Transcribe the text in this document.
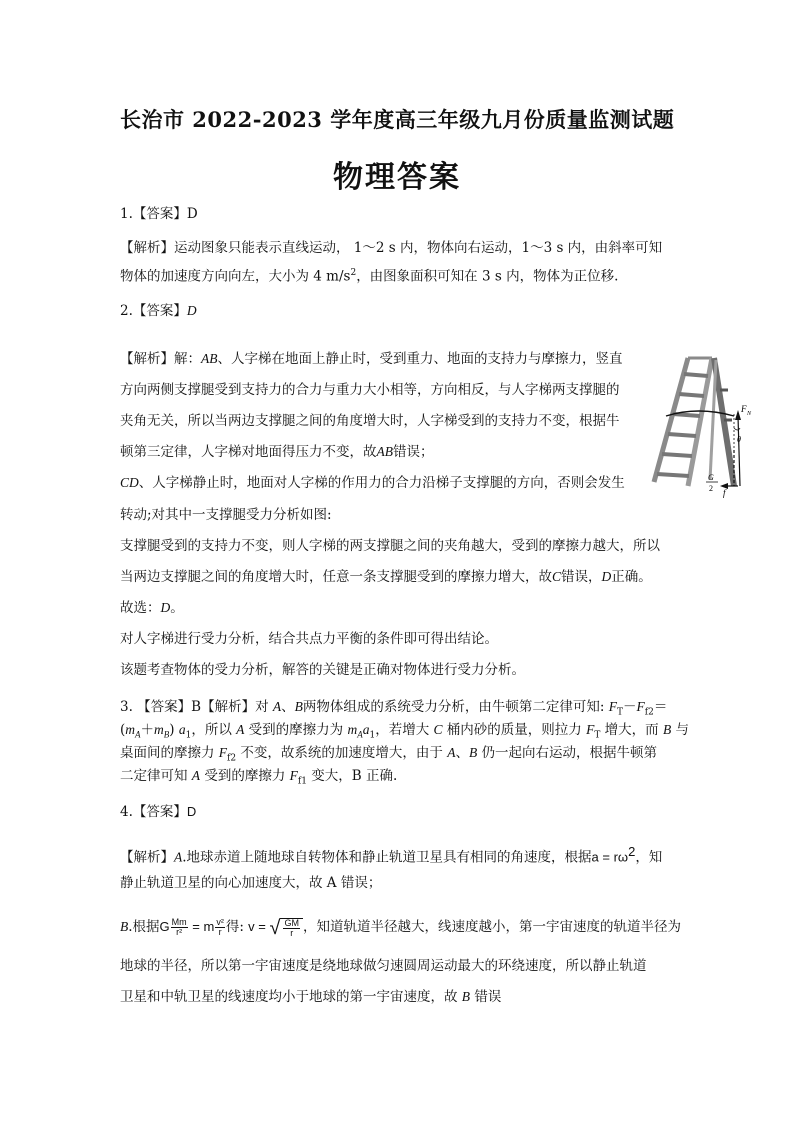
长治市 2022-2023 学年度高三年级九月份质量监测试题
物理答案
1.【答案】D
【解析】运动图象只能表示直线运动， 1～2 s 内，物体向右运动，1～3 s 内，由斜率可知
物体的加速度方向向左，大小为 4 $m/s^2$，由图象面积可知在 3 s 内，物体为正位移.
2.【答案】D
【解析】解：AB、人字梯在地面上静止时，受到重力、地面的支持力与摩擦力，竖直
方向两侧支撑腿受到支持力的合力与重力大小相等，方向相反，与人字梯两支撑腿的
夹角无关，所以当两边支撑腿之间的角度增大时，人字梯受到的支持力不变，根据牛
顿第三定律，人字梯对地面得压力不变，故AB错误；
CD、人字梯静止时，地面对人字梯的作用力的合力沿梯子支撑腿的方向，否则会发生
转动;对其中一支撑腿受力分析如图:
支撑腿受到的支持力不变，则人字梯的两支撑腿之间的夹角越大，受到的摩擦力越大，所以
当两边支撑腿之间的角度增大时，任意一条支撑腿受到的摩擦力增大，故C错误，D正确。
故选：D。
对人字梯进行受力分析，结合共点力平衡的条件即可得出结论。
该题考查物体的受力分析，解答的关键是正确对物体进行受力分析。
F N
θ
G
2 f
3. 【答案】B【解析】对 A、B两物体组成的系统受力分析，由牛顿第二定律可知: $F_T-F_{f2}=$
$(m_A+m_B)$ $a_1$，所以 A 受到的摩擦力为 $m_Aa_1$，若增大 C 桶内砂的质量，则拉力 $F_T$ 增大，而 B 与
桌面间的摩擦力 $F_{f2}$ 不变，故系统的加速度增大，由于 A、B 仍一起向右运动，根据牛顿第
二定律可知 A 受到的摩擦力 $F_{f1}$ 变大，B 正确.
4.【答案】D
【解析】A.地球赤道上随地球自转物体和静止轨道卫星具有相同的角速度，根据$a = r\omega^2$，知
静止轨道卫星的向心加速度大，故 A 错误；
B.根据G $\frac{Mm}{\text{r²}} = m \frac{\text{v²}}{r}$ 得: v = √ $\frac{GM}{r}$ ，知道轨道半径越大，线速度越小，第一宇宙速度的轨道半径为
地球的半径，所以第一宇宙速度是绕地球做匀速圆周运动最大的环绕速度，所以静止轨道
卫星和中轨卫星的线速度均小于地球的第一宇宙速度，故 B 错误
